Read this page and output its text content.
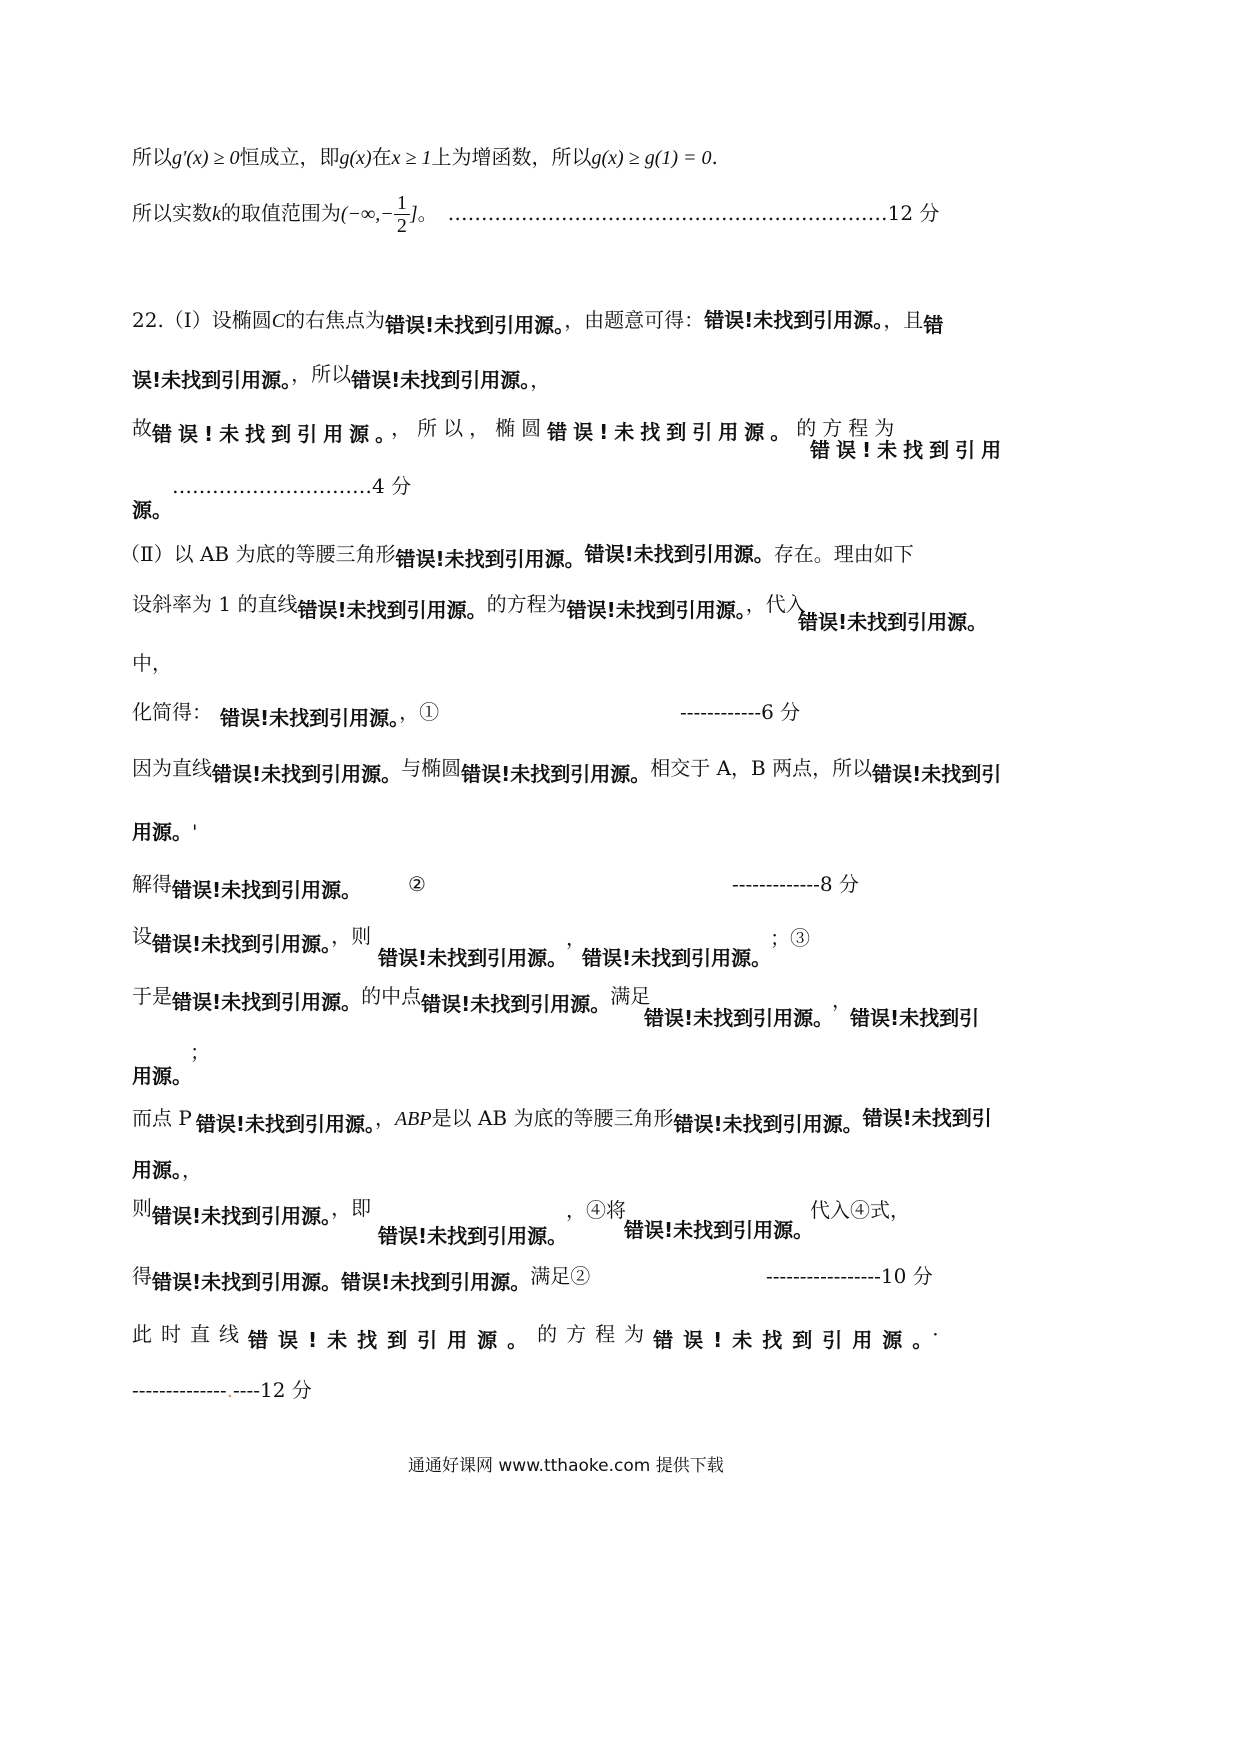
所以g'(x) ≥ 0恒成立，即g(x)在x ≥ 1上为增函数，所以g(x) ≥ g(1) = 0.
所以实数k的取值范围为(−∞,− $\frac{1}{2}$ ]。 …………………………………………………………12 分
22.（Ⅰ）设椭圆C的右焦点为错误!未找到引用源。，由题意可得：错误!未找到引用源。，且错
误!未找到引用源。，所以错误!未找到引用源。，
故错误!未找到引用源。，所以，椭圆错误!未找到引用源。的方程为
错误!未找到引用
…………………………4 分
源。
（Ⅱ）以 AB 为底的等腰三角形错误!未找到引用源。错误!未找到引用源。存在。理由如下
设斜率为 1 的直线错误!未找到引用源。的方程为错误!未找到引用源。，代入
错误!未找到引用源。
中，
化简得： 错误!未找到引用源。，①	------------6 分
因为直线错误!未找到引用源。与椭圆错误!未找到引用源。相交于 A，B 两点，所以错误!未找到引
用源。'
解得错误!未找到引用源。 ②	-------------8 分
设错误!未找到引用源。，则
错误!未找到引用源。
，
错误!未找到引用源。
；③
于是错误!未找到引用源。的中点错误!未找到引用源。满足
错误!未找到引用源。
，
错误!未找到引
；
用源。
而点 P 错误!未找到引用源。，ABP是以 AB 为底的等腰三角形错误!未找到引用源。错误!未找到引
用源。，
则错误!未找到引用源。，即
错误!未找到引用源。
，④将
错误!未找到引用源。
代入④式，
得错误!未找到引用源。错误!未找到引用源。满足②	-----------------10 分
此时直线错误!未找到引用源。的方程为错误!未找到引用源。·
--------------.----12 分
通通好课网 www.tthaoke.com 提供下载
